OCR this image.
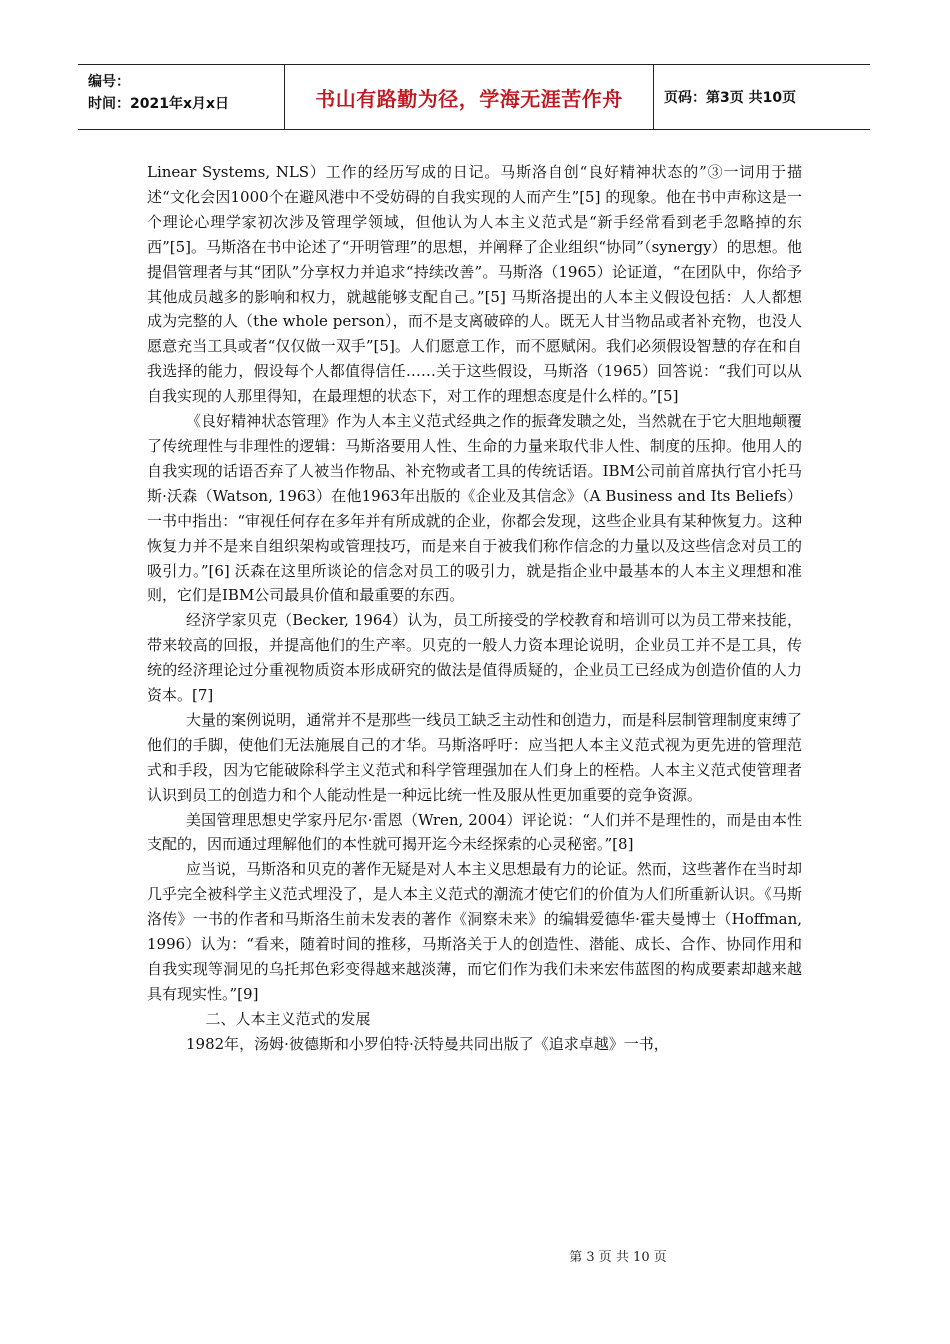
编号：
时间：2021年x月x日	书山有路勤为径，学海无涯苦作舟	页码：第3页 共10页

Linear Systems, NLS）工作的经历写成的日记。马斯洛自创“良好精神状态的”③一词用于描述“文化会因1000个在避风港中不受妨碍的自我实现的人而产生”[5] 的现象。他在书中声称这是一个理论心理学家初次涉及管理学领域，但他认为人本主义范式是“新手经常看到老手忽略掉的东西”[5]。马斯洛在书中论述了“开明管理”的思想，并阐释了企业组织“协同”（synergy）的思想。他提倡管理者与其“团队”分享权力并追求“持续改善”。马斯洛（1965）论证道，“在团队中，你给予其他成员越多的影响和权力，就越能够支配自己。”[5] 马斯洛提出的人本主义假设包括：人人都想成为完整的人（the whole person），而不是支离破碎的人。既无人甘当物品或者补充物，也没人愿意充当工具或者“仅仅做一双手”[5]。人们愿意工作，而不愿赋闲。我们必须假设智慧的存在和自我选择的能力，假设每个人都值得信任……关于这些假设，马斯洛（1965）回答说：“我们可以从自我实现的人那里得知，在最理想的状态下，对工作的理想态度是什么样的。”[5]

《良好精神状态管理》作为人本主义范式经典之作的振聋发聩之处，当然就在于它大胆地颠覆了传统理性与非理性的逻辑：马斯洛要用人性、生命的力量来取代非人性、制度的压抑。他用人的自我实现的话语否弃了人被当作物品、补充物或者工具的传统话语。IBM公司前首席执行官小托马斯·沃森（Watson, 1963）在他1963年出版的《企业及其信念》（A Business and Its Beliefs）一书中指出：“审视任何存在多年并有所成就的企业，你都会发现，这些企业具有某种恢复力。这种恢复力并不是来自组织架构或管理技巧，而是来自于被我们称作信念的力量以及这些信念对员工的吸引力。”[6] 沃森在这里所谈论的信念对员工的吸引力，就是指企业中最基本的人本主义理想和准则，它们是IBM公司最具价值和最重要的东西。

经济学家贝克（Becker, 1964）认为，员工所接受的学校教育和培训可以为员工带来技能，带来较高的回报，并提高他们的生产率。贝克的一般人力资本理论说明，企业员工并不是工具，传统的经济理论过分重视物质资本形成研究的做法是值得质疑的，企业员工已经成为创造价值的人力资本。[7]

大量的案例说明，通常并不是那些一线员工缺乏主动性和创造力，而是科层制管理制度束缚了他们的手脚，使他们无法施展自己的才华。马斯洛呼吁：应当把人本主义范式视为更先进的管理范式和手段，因为它能破除科学主义范式和科学管理强加在人们身上的桎梏。人本主义范式使管理者认识到员工的创造力和个人能动性是一种远比统一性及服从性更加重要的竞争资源。

美国管理思想史学家丹尼尔·雷恩（Wren, 2004）评论说：“人们并不是理性的，而是由本性支配的，因而通过理解他们的本性就可揭开迄今未经探索的心灵秘密。”[8]

应当说，马斯洛和贝克的著作无疑是对人本主义思想最有力的论证。然而，这些著作在当时却几乎完全被科学主义范式埋没了，是人本主义范式的潮流才使它们的价值为人们所重新认识。《马斯洛传》一书的作者和马斯洛生前未发表的著作《洞察未来》的编辑爱德华·霍夫曼博士（Hoffman, 1996）认为：“看来，随着时间的推移，马斯洛关于人的创造性、潜能、成长、合作、协同作用和自我实现等洞见的乌托邦色彩变得越来越淡薄，而它们作为我们未来宏伟蓝图的构成要素却越来越具有现实性。”[9]

二、人本主义范式的发展

1982年，汤姆·彼德斯和小罗伯特·沃特曼共同出版了《追求卓越》一书，

第 3 页 共 10 页
